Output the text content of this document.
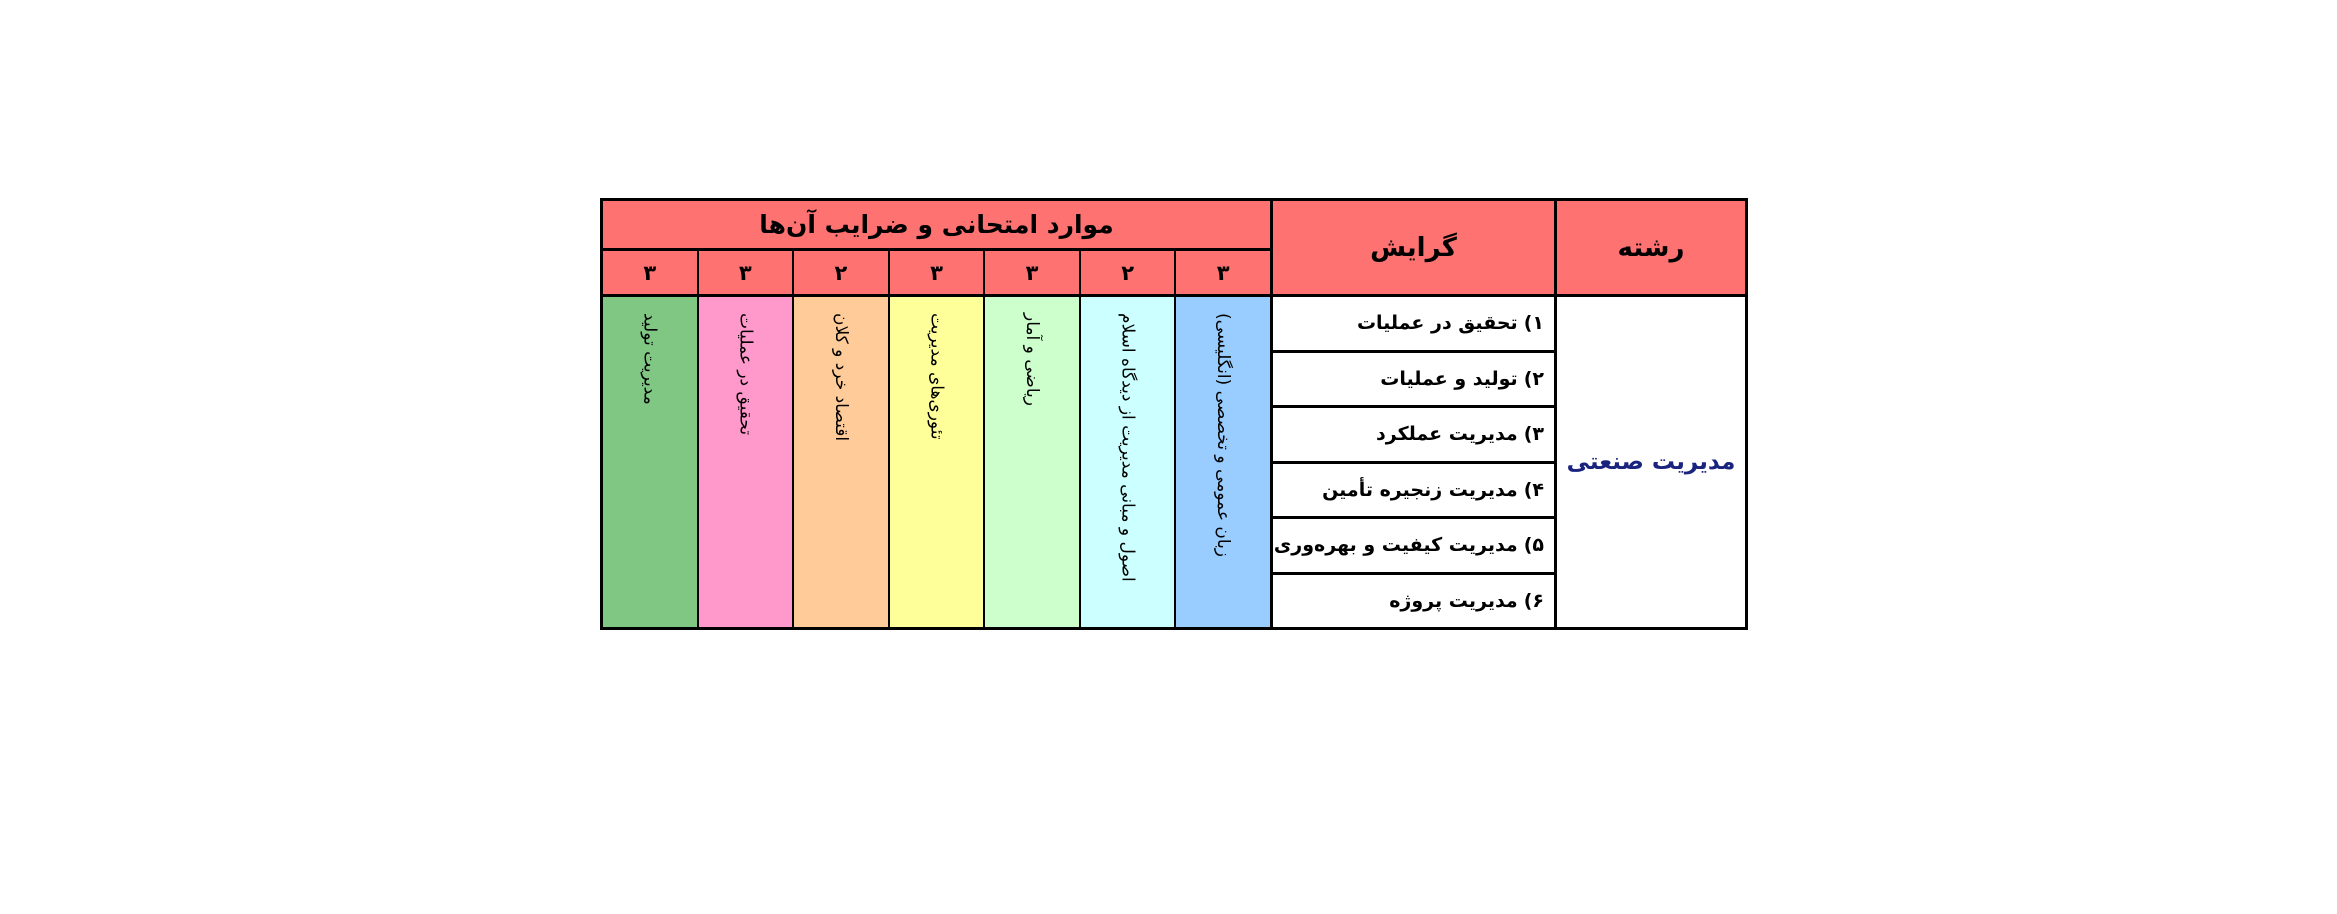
رشته
مدیریت صنعتی
گرایش
۱)
تحقیق در عملیات
۲)
تولید و عملیات
۳)
مدیریت عملکرد
۴)
مدیریت زنجیره تأمین
۵)
مدیریت کیفیت و بهره‌وری
۶)
مدیریت پروژه
موارد امتحانی و ضرایب آن‌ها
۳
۲
۳
۳
۲
۳
۳
زبان عمومی و تخصصی (انگلیسی)
اصول و مبانی مدیریت از دیدگاه اسلام
ریاضی و آمار
تئوری‌های مدیریت
اقتصاد خرد و کلان
تحقیق در عملیات
مدیریت تولید
